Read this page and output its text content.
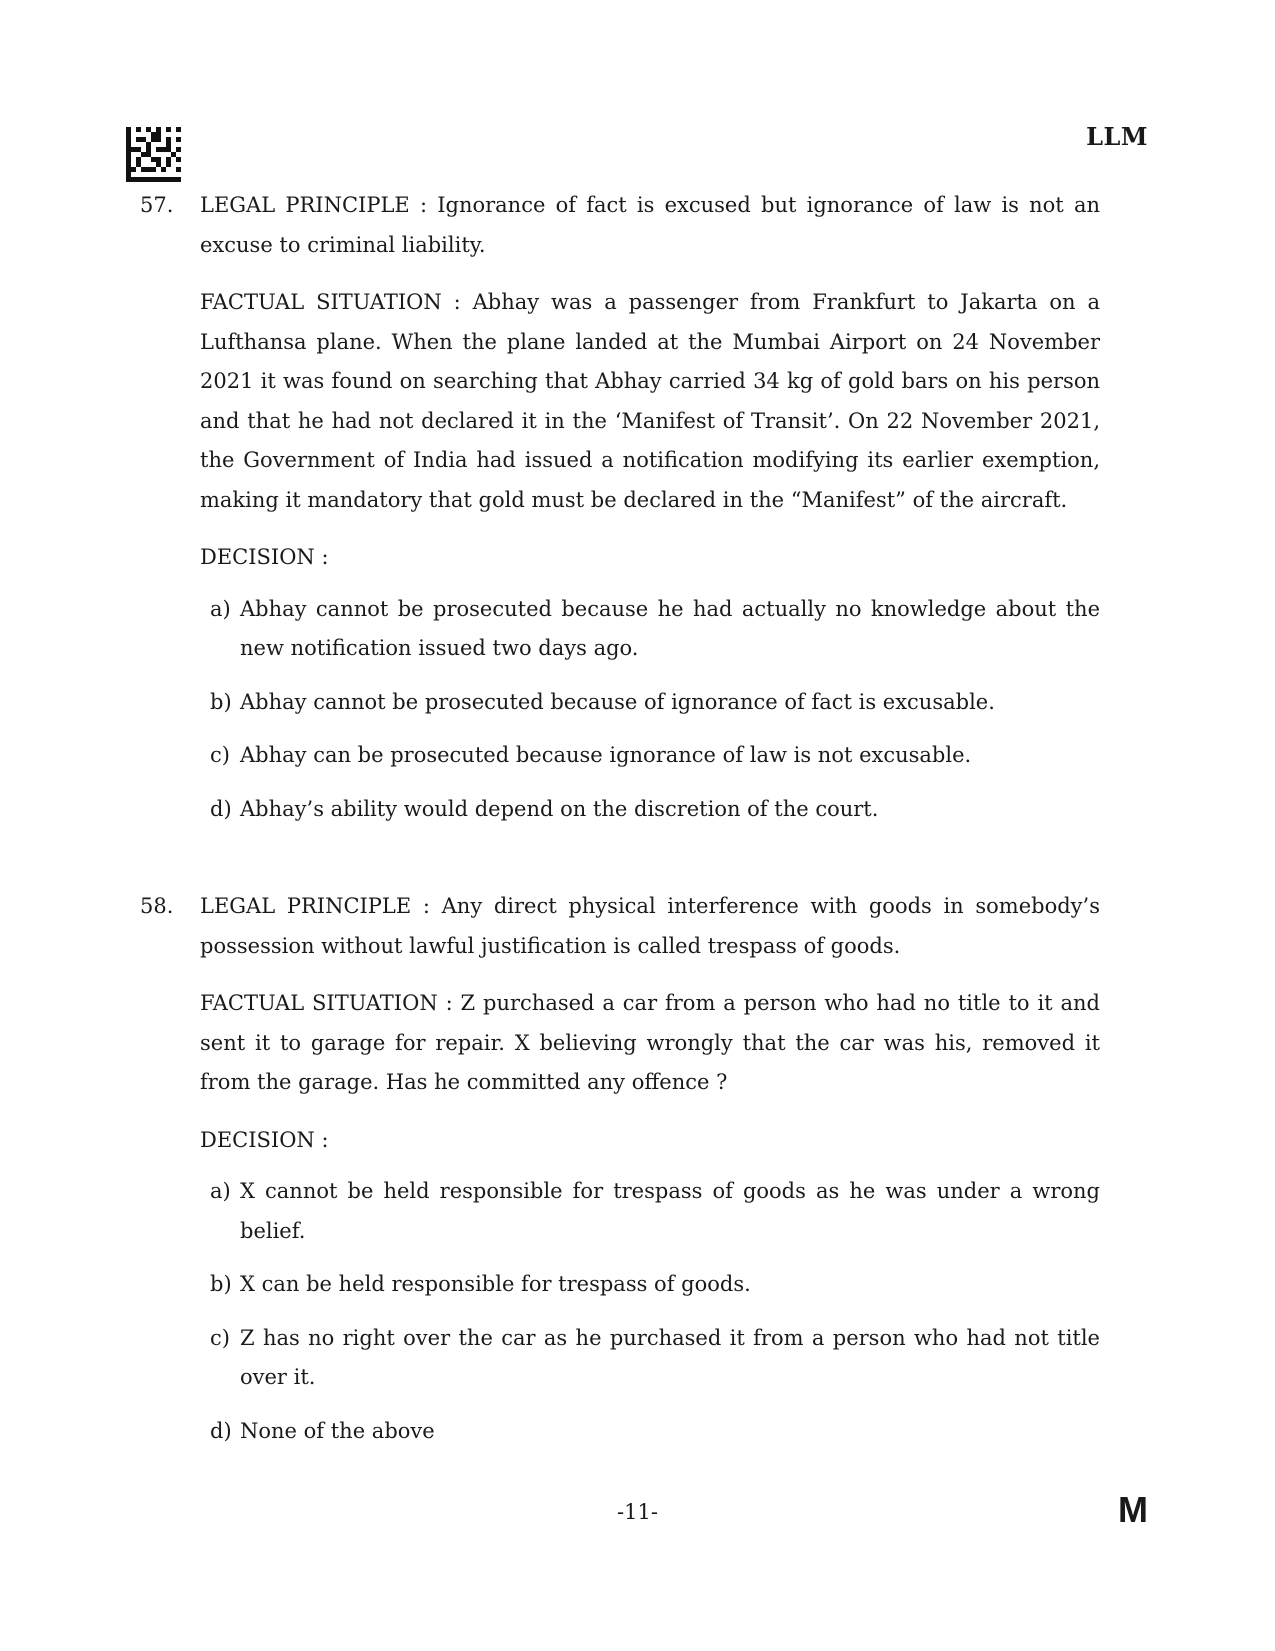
LLM
57.	LEGAL PRINCIPLE : Ignorance of fact is excused but ignorance of law is not an excuse to criminal liability.
FACTUAL SITUATION : Abhay was a passenger from Frankfurt to Jakarta on a Lufthansa plane. When the plane landed at the Mumbai Airport on 24 November 2021 it was found on searching that Abhay carried 34 kg of gold bars on his person and that he had not declared it in the ‘Manifest of Transit’. On 22 November 2021, the Government of India had issued a notification modifying its earlier exemption, making it mandatory that gold must be declared in the “Manifest” of the aircraft.
DECISION :
a) Abhay cannot be prosecuted because he had actually no knowledge about the new notification issued two days ago.
b) Abhay cannot be prosecuted because of ignorance of fact is excusable.
c) Abhay can be prosecuted because ignorance of law is not excusable.
d) Abhay’s ability would depend on the discretion of the court.
58.	LEGAL PRINCIPLE : Any direct physical interference with goods in somebody’s possession without lawful justification is called trespass of goods.
FACTUAL SITUATION : Z purchased a car from a person who had no title to it and sent it to garage for repair. X believing wrongly that the car was his, removed it from the garage. Has he committed any offence ?
DECISION :
a) X cannot be held responsible for trespass of goods as he was under a wrong belief.
b) X can be held responsible for trespass of goods.
c) Z has no right over the car as he purchased it from a person who had not title over it.
d) None of the above
-11-	M
